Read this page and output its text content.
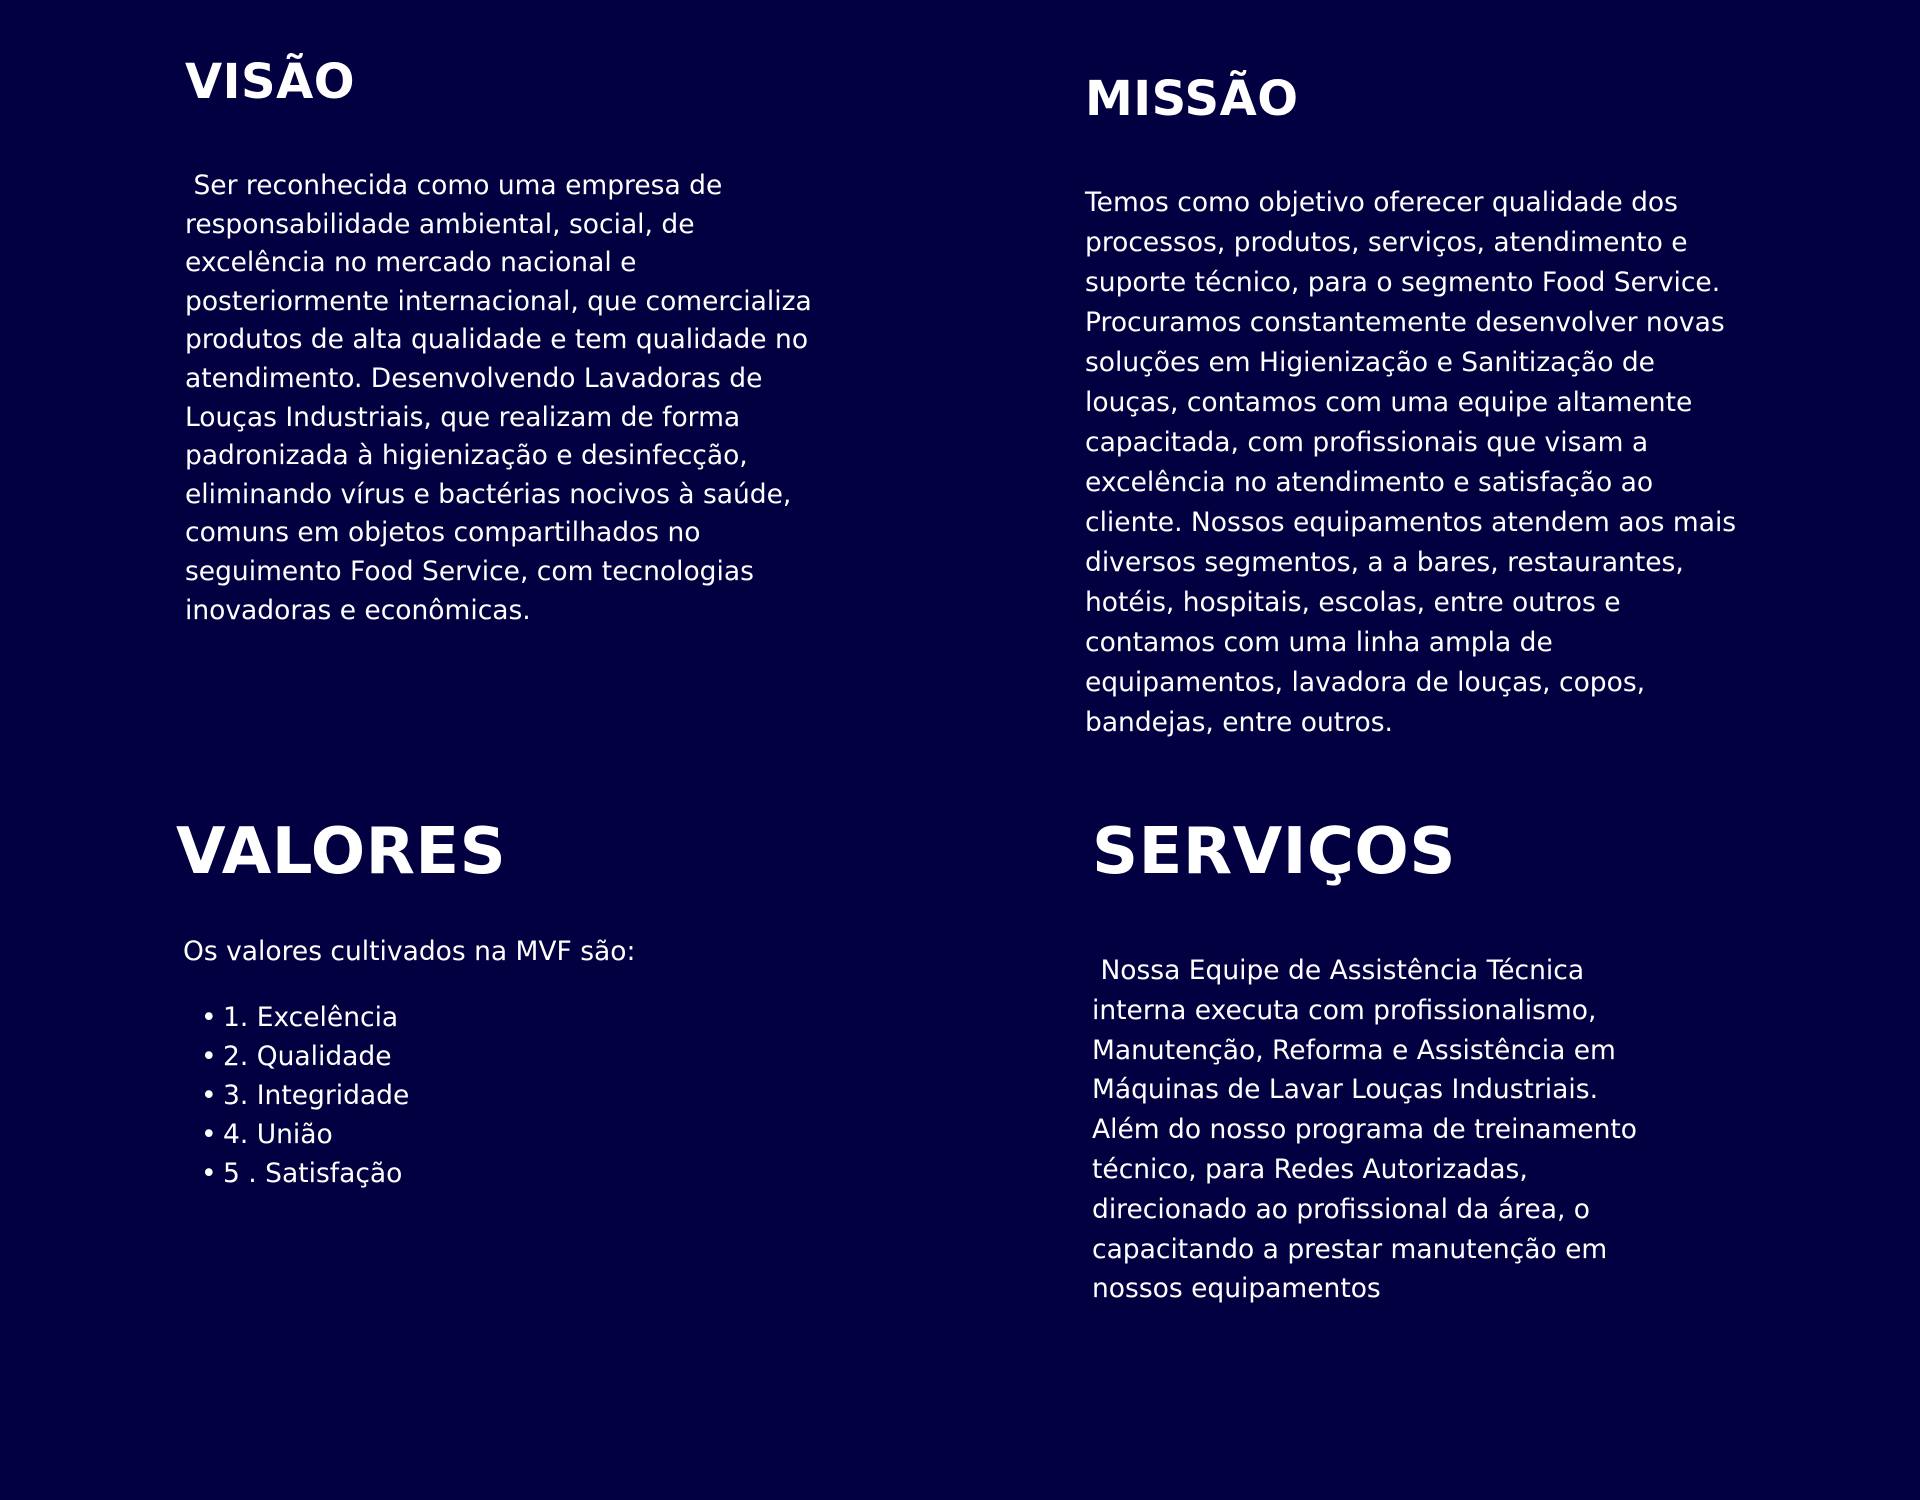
VISÃO

Ser reconhecida como uma empresa de
responsabilidade ambiental, social, de
excelência no mercado nacional e
posteriormente internacional, que comercializa
produtos de alta qualidade e tem qualidade no
atendimento. Desenvolvendo Lavadoras de
Louças Industriais, que realizam de forma
padronizada à higienização e desinfecção,
eliminando vírus e bactérias nocivos à saúde,
comuns em objetos compartilhados no
seguimento Food Service, com tecnologias
inovadoras e econômicas.

MISSÃO

Temos como objetivo oferecer qualidade dos
processos, produtos, serviços, atendimento e
suporte técnico, para o segmento Food Service.
Procuramos constantemente desenvolver novas
soluções em Higienização e Sanitização de
louças, contamos com uma equipe altamente
capacitada, com profissionais que visam a
excelência no atendimento e satisfação ao
cliente. Nossos equipamentos atendem aos mais
diversos segmentos, a a bares, restaurantes,
hotéis, hospitais, escolas, entre outros e
contamos com uma linha ampla de
equipamentos, lavadora de louças, copos,
bandejas, entre outros.

VALORES

Os valores cultivados na MVF são:

• 1. Excelência
• 2. Qualidade
• 3. Integridade
• 4. União
• 5 . Satisfação
SERVIÇOS

Nossa Equipe de Assistência Técnica
interna executa com profissionalismo,
Manutenção, Reforma e Assistência em
Máquinas de Lavar Louças Industriais.
Além do nosso programa de treinamento
técnico, para Redes Autorizadas,
direcionado ao profissional da área, o
capacitando a prestar manutenção em
nossos equipamentos
